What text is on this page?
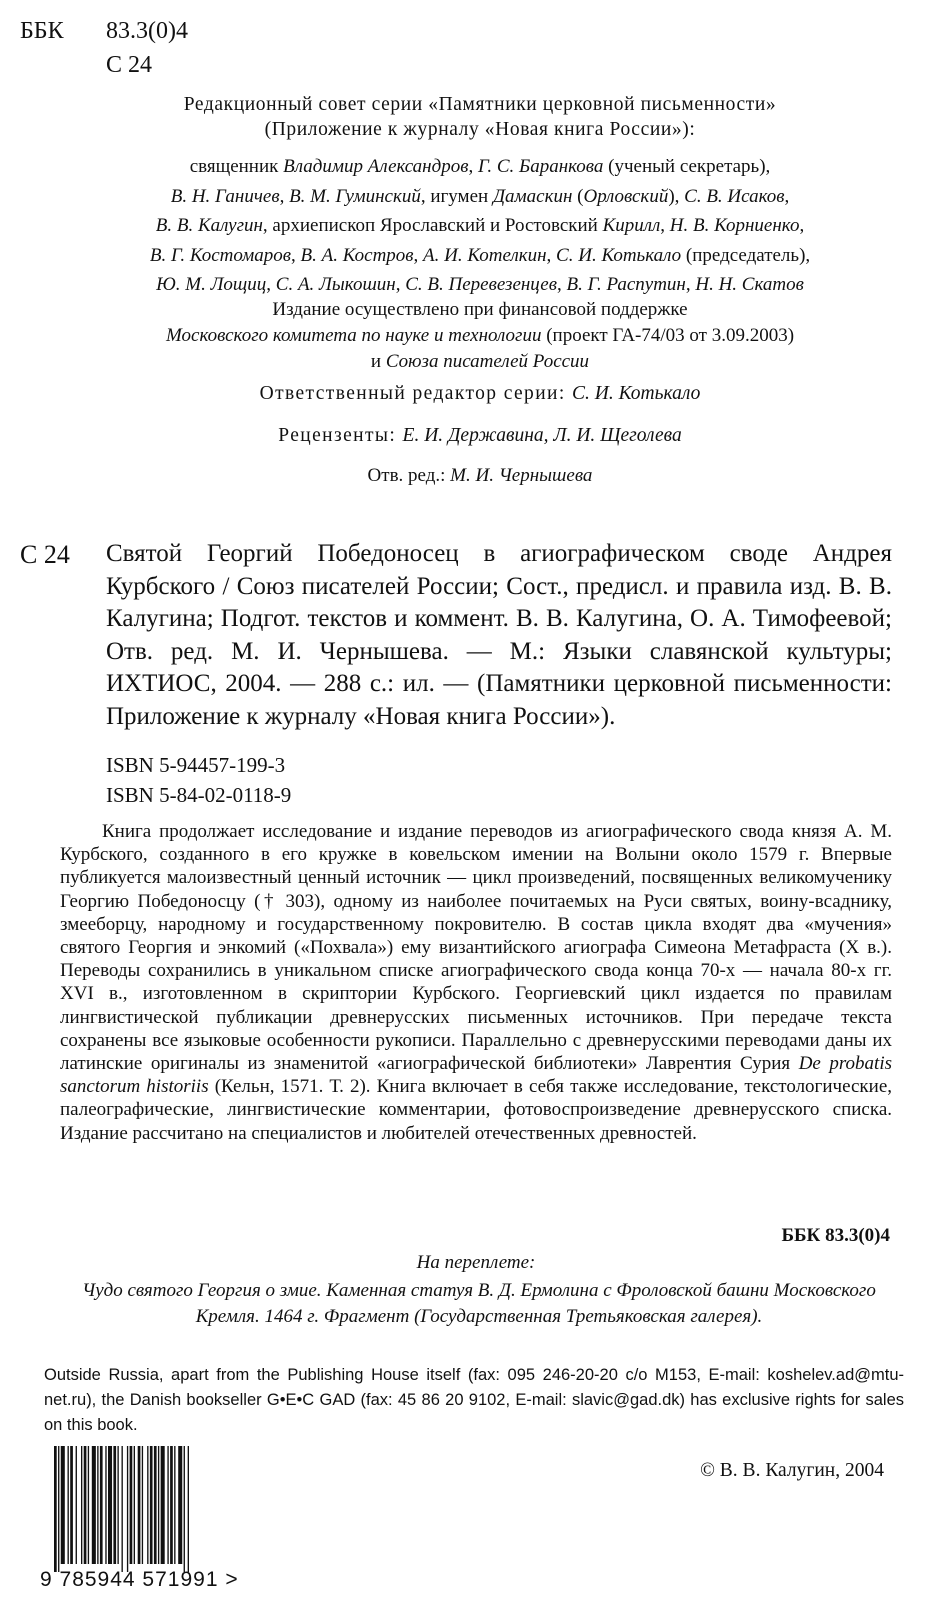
ББК 83.3(0)4
С 24
Редакционный совет серии «Памятники церковной письменности»
(Приложение к журналу «Новая книга России»):

священник Владимир Александров, Г. С. Баранкова (ученый секретарь),

В. Н. Ганичев, В. М. Гуминский, игумен Дамаскин (Орловский), С. В. Исаков,

В. В. Калугин, архиепископ Ярославский и Ростовский Кирилл, Н. В. Корниенко,

В. Г. Костомаров, В. А. Костров, А. И. Котелкин, С. И. Котькало (председатель),

Ю. М. Лощиц, С. А. Лыкошин, С. В. Перевезенцев, В. Г. Распутин, Н. Н. Скатов

Издание осуществлено при финансовой поддержке

Московского комитета по науке и технологии (проект ГА-74/03 от 3.09.2003)

и Союза писателей России

Ответственный редактор серии: С. И. Котькало
Рецензенты: Е. И. Державина, Л. И. Щеголева
Отв. ред.: М. И. Чернышева
С 24 Святой Георгий Победоносец в агиографическом своде Андрея Курбского / Союз писателей России; Сост., предисл. и правила изд. В. В. Калугина; Подгот. текстов и коммент. В. В. Калугина, О. А. Тимофеевой; Отв. ред. М. И. Чернышева. — М.: Языки славянской культуры; ИХТИОС, 2004. — 288 с.: ил. — (Памятники церковной письменности: Приложение к журналу «Новая книга России»).
ISBN 5-94457-199-3
ISBN 5-84-02-0118-9
Книга продолжает исследование и издание переводов из агиографического свода князя А. М. Курбского, созданного в его кружке в ковельском имении на Волыни около 1579 г. Впервые публикуется малоизвестный ценный источник — цикл произведений, посвященных великомученику Георгию Победоносцу († 303), одному из наиболее почитаемых на Руси святых, воину-всаднику, змееборцу, народному и государственному покровителю. В состав цикла входят два «мучения» святого Георгия и энкомий («Похвала») ему византийского агиографа Симеона Метафраста (X в.). Переводы сохранились в уникальном списке агиографического свода конца 70-х — начала 80-х гг. XVI в., изготовленном в скриптории Курбского. Георгиевский цикл издается по правилам лингвистической публикации древнерусских письменных источников. При передаче текста сохранены все языковые особенности рукописи. Параллельно с древнерусскими переводами даны их латинские оригиналы из знаменитой «агиографической библиотеки» Лаврентия Сурия De probatis sanctorum historiis (Кельн, 1571. Т. 2). Книга включает в себя также исследование, текстологические, палеографические, лингвистические комментарии, фотовоспроизведение древнерусского списка. Издание рассчитано на специалистов и любителей отечественных древностей.
ББК 83.3(0)4
На переплете:
Чудо святого Георгия о змие. Каменная статуя В. Д. Ермолина с Фроловской башни Московского Кремля. 1464 г. Фрагмент (Государственная Третьяковская галерея).
Outside Russia, apart from the Publishing House itself (fax: 095 246-20-20 c/o M153, E-mail: koshelev.ad@mtu-net.ru), the Danish bookseller G•E•C GAD (fax: 45 86 20 9102, E-mail: slavic@gad.dk) has exclusive rights for sales on this book.
9 785944 571991 >
© В. В. Калугин, 2004
